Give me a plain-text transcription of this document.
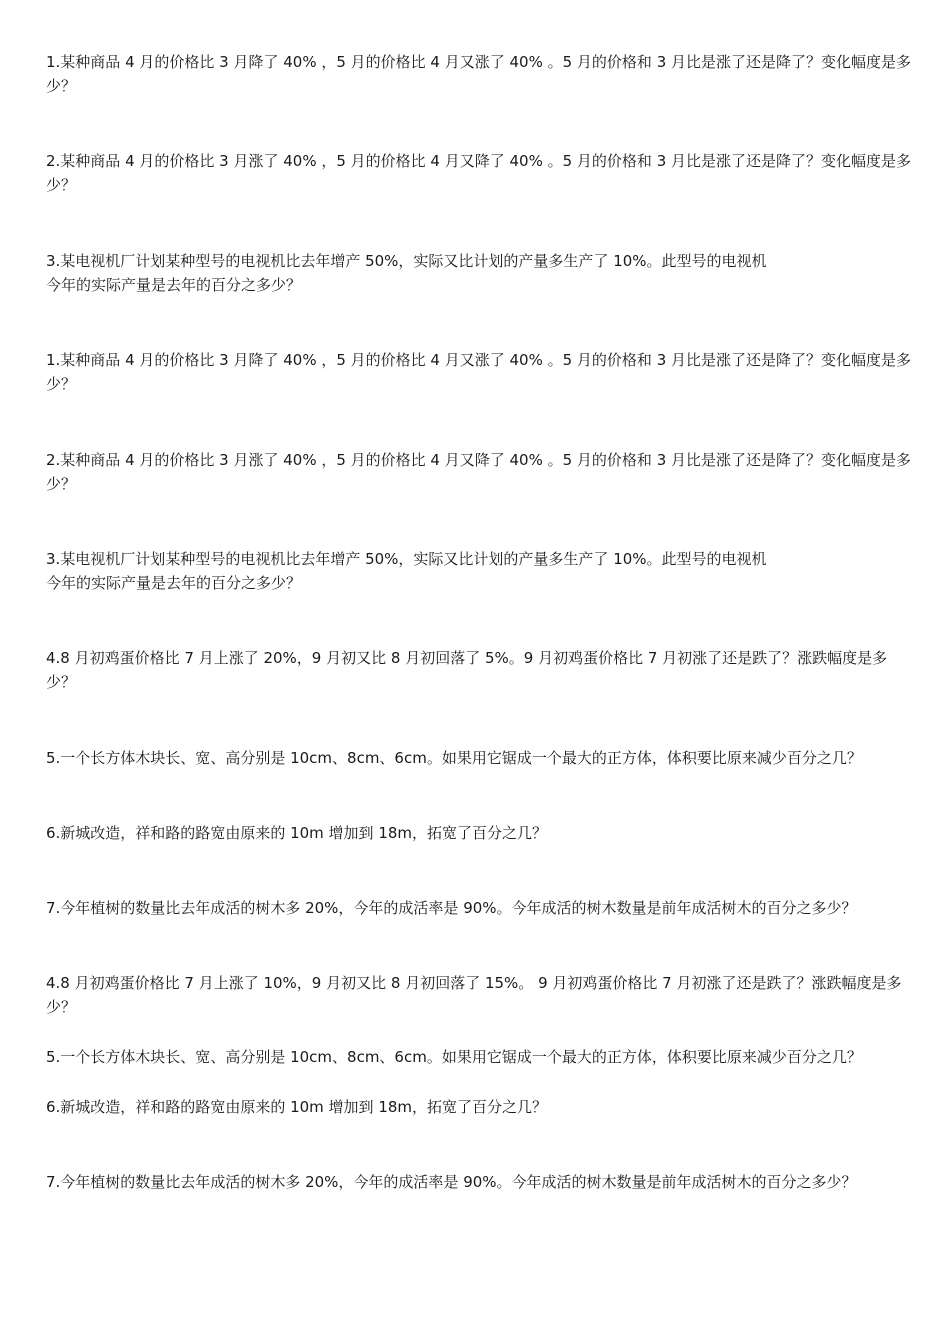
1.某种商品 4 月的价格比 3 月降了 40% ，5 月的价格比 4 月又涨了 40% 。5 月的价格和 3 月比是涨了还是降了？变化幅度是多少？

2.某种商品 4 月的价格比 3 月涨了 40% ，5 月的价格比 4 月又降了 40% 。5 月的价格和 3 月比是涨了还是降了？变化幅度是多少？

3.某电视机厂计划某种型号的电视机比去年增产 50%，实际又比计划的产量多生产了 10%。此型号的电视机
今年的实际产量是去年的百分之多少？

1.某种商品 4 月的价格比 3 月降了 40% ，5 月的价格比 4 月又涨了 40% 。5 月的价格和 3 月比是涨了还是降了？变化幅度是多少？

2.某种商品 4 月的价格比 3 月涨了 40% ，5 月的价格比 4 月又降了 40% 。5 月的价格和 3 月比是涨了还是降了？变化幅度是多少？

3.某电视机厂计划某种型号的电视机比去年增产 50%，实际又比计划的产量多生产了 10%。此型号的电视机
今年的实际产量是去年的百分之多少？

4.8 月初鸡蛋价格比 7 月上涨了 20%，9 月初又比 8 月初回落了 5%。9 月初鸡蛋价格比 7 月初涨了还是跌了？涨跌幅度是多少？

5.一个长方体木块长、宽、高分别是 10cm、8cm、6cm。如果用它锯成一个最大的正方体，体积要比原来减少百分之几？

6.新城改造，祥和路的路宽由原来的 10m 增加到 18m，拓宽了百分之几？

7.今年植树的数量比去年成活的树木多 20%，今年的成活率是 90%。今年成活的树木数量是前年成活树木的百分之多少？

4.8 月初鸡蛋价格比 7 月上涨了 10%，9 月初又比 8 月初回落了 15%。 9 月初鸡蛋价格比 7 月初涨了还是跌了？涨跌幅度是多少？

5.一个长方体木块长、宽、高分别是 10cm、8cm、6cm。如果用它锯成一个最大的正方体，体积要比原来减少百分之几？

6.新城改造，祥和路的路宽由原来的 10m 增加到 18m，拓宽了百分之几？

7.今年植树的数量比去年成活的树木多 20%，今年的成活率是 90%。今年成活的树木数量是前年成活树木的百分之多少？
